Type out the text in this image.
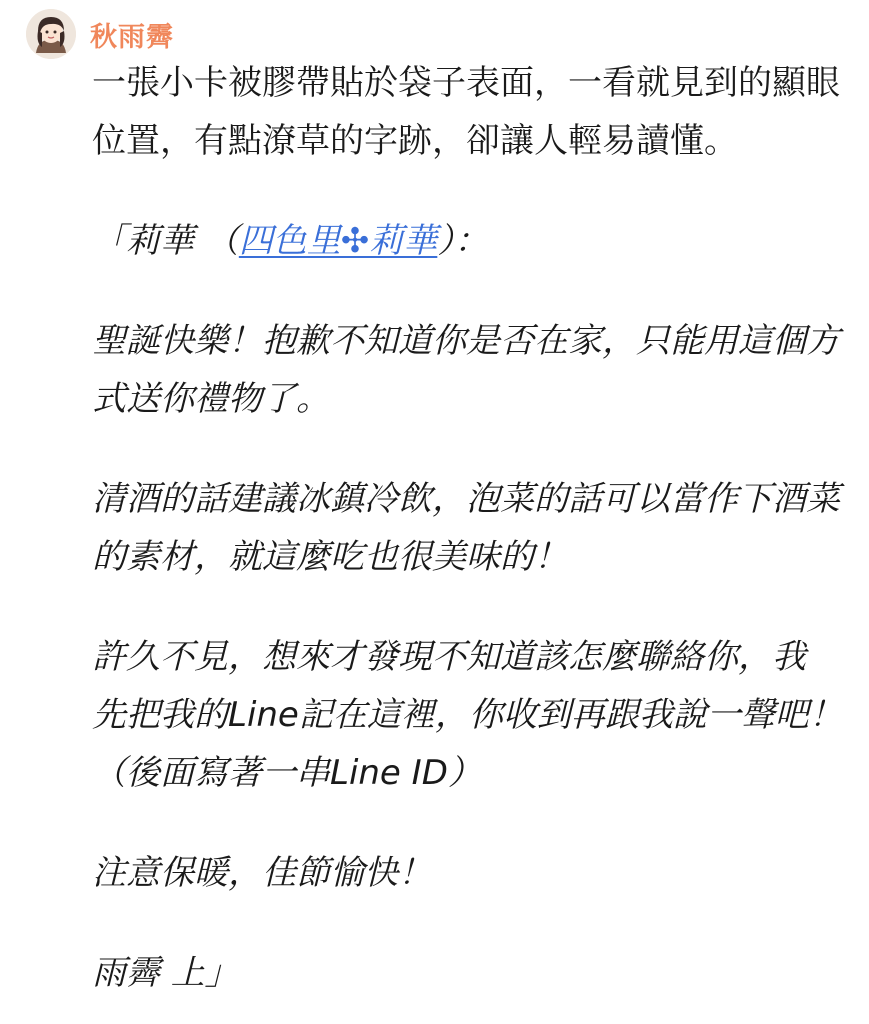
秋雨霽
一張小卡被膠帶貼於袋子表面，一看就見到的顯眼
位置，有點潦草的字跡，卻讓人輕易讀懂。
「莉華 （四色里✣莉華）：
聖誕快樂！抱歉不知道你是否在家，只能用這個方
式送你禮物了。
清酒的話建議冰鎮冷飲，泡菜的話可以當作下酒菜
的素材，就這麼吃也很美味的！
許久不見，想來才發現不知道該怎麼聯絡你，我
先把我的Line記在這裡，你收到再跟我說一聲吧！
（後面寫著一串Line ID）
注意保暖，佳節愉快！
雨霽 上」
